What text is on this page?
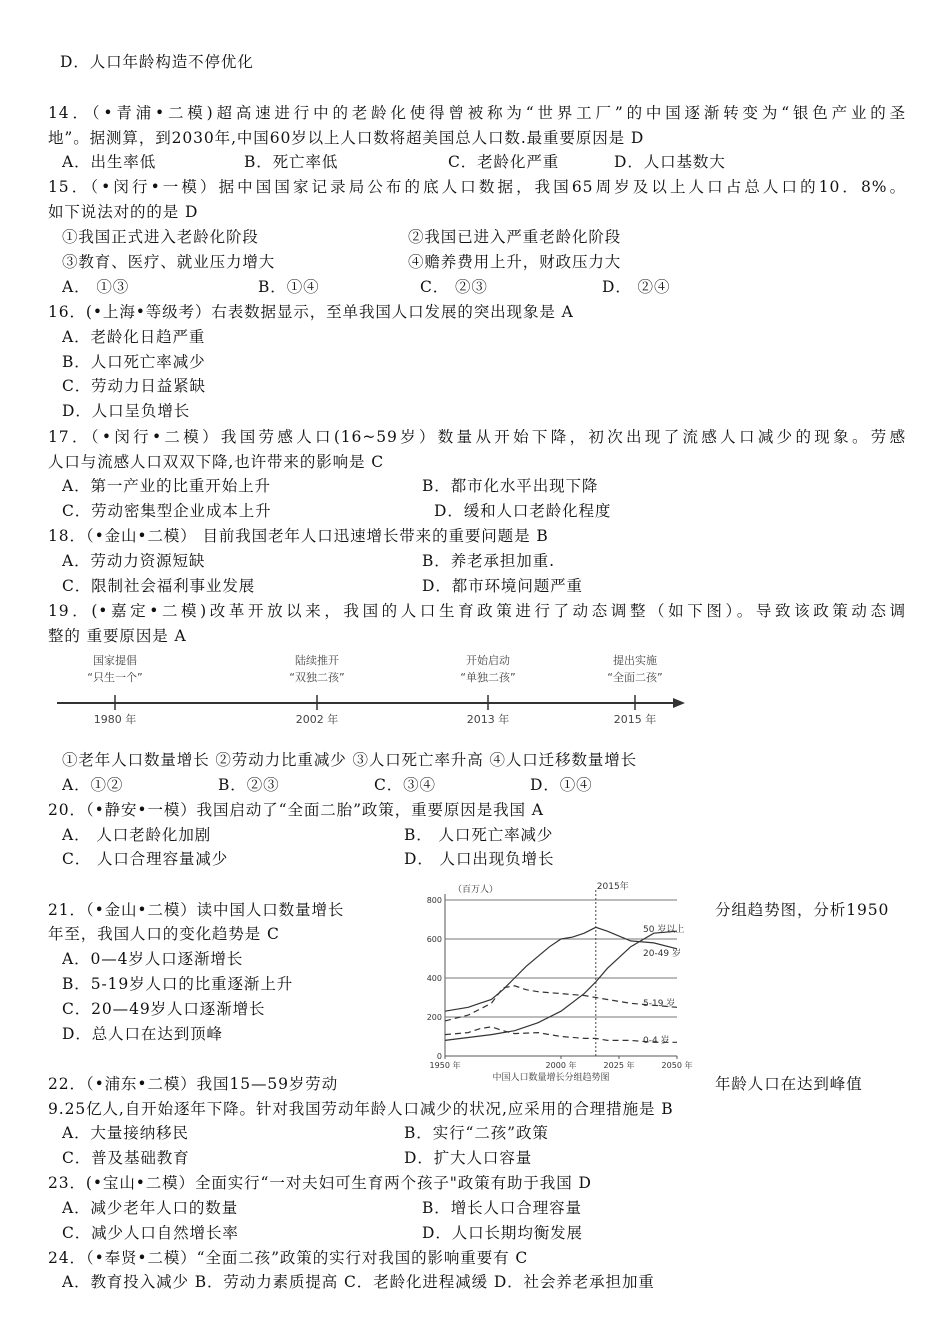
D．人口年龄构造不停优化
14．（•青浦•二模)超高速进行中的老龄化使得曾被称为“世界工厂”的中国逐渐转变为“银色产业的圣
地”。据测算，到2030年,中国60岁以上人口数将超美国总人口数.最重要原因是 D
A．出生率低	B．死亡率低	C．老龄化严重	D．人口基数大
15．（•闵行•一模）据中国国家记录局公布的底人口数据，我国65周岁及以上人口占总人口的10．8%。
如下说法对的的是 D
①我国正式进入老龄化阶段	②我国已进入严重老龄化阶段
③教育、医疗、就业压力增大	④赡养费用上升，财政压力大
A． ①③	B．①④	C． ②③	D． ②④
16．(•上海•等级考）右表数据显示，至单我国人口发展的突出现象是 A
A．老龄化日趋严重
B．人口死亡率减少
C．劳动力日益紧缺
D．人口呈负增长
17．（•闵行•二模）我国劳感人口(16~59岁）数量从开始下降，初次出现了流感人口减少的现象。劳感
人口与流感人口双双下降,也许带来的影响是 C
A．第一产业的比重开始上升	B．都市化水平出现下降
C．劳动密集型企业成本上升	D．缓和人口老龄化程度
18．（•金山•二模） 目前我国老年人口迅速增长带来的重要问题是 B
A．劳动力资源短缺	B．养老承担加重.
C．限制社会福利事业发展	D．都市环境问题严重
19．(•嘉定•二模)改革开放以来，我国的人口生育政策进行了动态调整（如下图）。导致该政策动态调
整的 重要原因是 A
国家提倡
“只生一个”
1980 年
陆续推开
“双独二孩”
2002 年
开始启动
“单独二孩”
2013 年
提出实施
“全面二孩”
2015 年
①老年人口数量增长 ②劳动力比重减少 ③人口死亡率升高 ④人口迁移数量增长
A．①②	B．②③	C．③④	D．①④
20．（•静安•一模）我国启动了“全面二胎”政策，重要原因是我国 A
A． 人口老龄化加剧	B． 人口死亡率减少
C． 人口合理容量减少	D． 人口出现负增长
21．（•金山•二模）读中国人口数量增长	分组趋势图，分析1950
年至，我国人口的变化趋势是 C
A．0—4岁人口逐渐增长
B．5-19岁人口的比重逐渐上升
C．20—49岁人口逐渐增长
D．总人口在达到顶峰
0
200
400
600
800
（百万人）
1950 年	2000 年	2025 年	2050 年
2015年
50 岁以上
20-49 岁
5-19 岁
0-4 岁
中国人口数量增长分组趋势图
22．（•浦东•二模）我国15—59岁劳动	年龄人口在达到峰值
9.25亿人,自开始逐年下降。针对我国劳动年龄人口减少的状况,应采用的合理措施是 B
A．大量接纳移民	B．实行“二孩”政策
C．普及基础教育	D．扩大人口容量
23．(•宝山•二模）全面实行“一对夫妇可生育两个孩子"政策有助于我国 D
A．减少老年人口的数量	B．增长人口合理容量
C．减少人口自然增长率	D．人口长期均衡发展
24．（•奉贤•二模）“全面二孩”政策的实行对我国的影响重要有 C
A．教育投入减少 B．劳动力素质提高 C．老龄化进程减缓 D．社会养老承担加重
